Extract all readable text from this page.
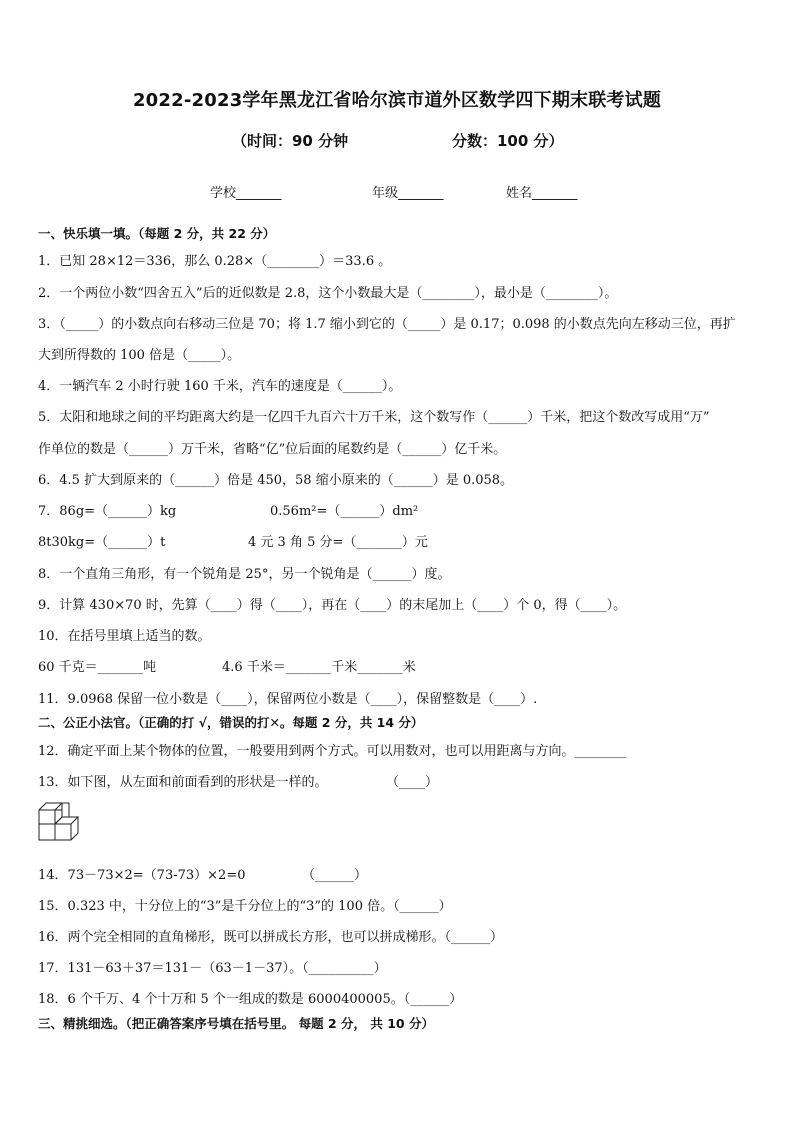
2022-2023学年黑龙江省哈尔滨市道外区数学四下期末联考试题
（时间：90 分钟	分数：100 分）
学校_______	年级_______	姓名_______
一、快乐填一填。（每题 2 分，共 22 分）
1．已知 28×12＝336，那么 0.28×（________）＝33.6 。
2．一个两位小数“四舍五入”后的近似数是 2.8，这个小数最大是（________），最小是（________）。
3．（_____）的小数点向右移动三位是 70；将 1.7 缩小到它的（_____）是 0.17；0.098 的小数点先向左移动三位，再扩
大到所得数的 100 倍是（_____）。
4．一辆汽车 2 小时行驶 160 千米，汽车的速度是（______）。
5．太阳和地球之间的平均距离大约是一亿四千九百六十万千米，这个数写作（______）千米，把这个数改写成用“万”
作单位的数是（______）万千米，省略“亿”位后面的尾数约是（______）亿千米。
6．4.5 扩大到原来的（______）倍是 450，58 缩小原来的（______）是 0.058。
7．86g=（______）kg	0.56m²=（______）dm²
8t30kg=（______）t	4 元 3 角 5 分=（_______）元
8．一个直角三角形，有一个锐角是 25°，另一个锐角是（______）度。
9．计算 430×70 时，先算（____）得（____），再在（____）的末尾加上（____）个 0，得（____）。
10．在括号里填上适当的数。
60 千克＝_______吨	4.6 千米＝_______千米_______米
11．9.0968 保留一位小数是（____），保留两位小数是（____），保留整数是（____）.
二、公正小法官。（正确的打 √，错误的打✕。每题 2 分，共 14 分）
12．确定平面上某个物体的位置，一般要用到两个方式。可以用数对，也可以用距离与方向。________
13．如下图，从左面和前面看到的形状是一样的。	（____）
14．73－73×2=（73-73）×2=0	（______）
15．0.323 中，十分位上的“3”是千分位上的“3”的 100 倍。（______）
16．两个完全相同的直角梯形，既可以拼成长方形，也可以拼成梯形。（______）
17．131－63＋37＝131－（63－1－37）。（__________）
18．6 个千万、4 个十万和 5 个一组成的数是 6000400005。（______）
三、精挑细选。（把正确答案序号填在括号里。 每题 2 分， 共 10 分）
